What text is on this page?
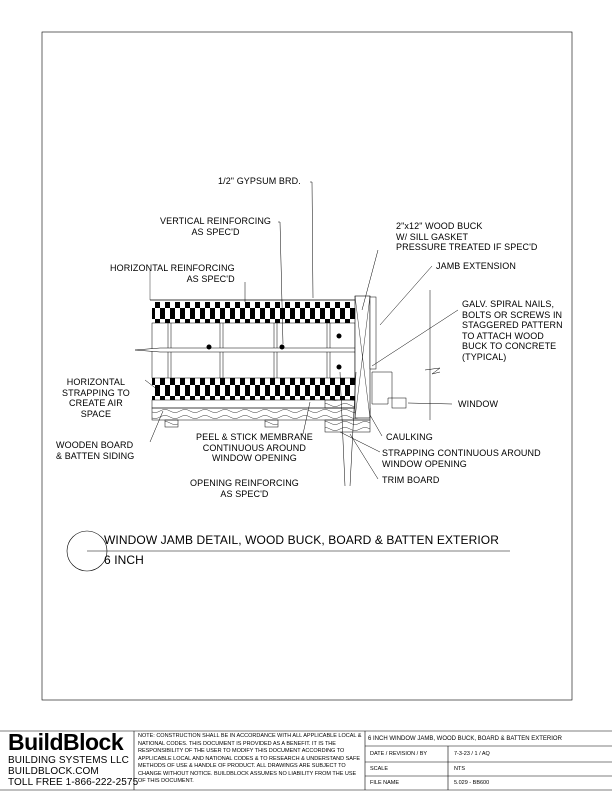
1/2" GYPSUM BRD.
VERTICAL REINFORCING
AS SPEC'D
HORIZONTAL REINFORCING
AS SPEC'D
2"x12" WOOD BUCK
W/ SILL GASKET
PRESSURE TREATED IF SPEC'D
JAMB EXTENSION
GALV. SPIRAL NAILS,
BOLTS OR SCREWS IN
STAGGERED PATTERN
TO ATTACH WOOD
BUCK TO CONCRETE
(TYPICAL)
HORIZONTAL
STRAPPING TO
CREATE AIR
SPACE
WINDOW
WOODEN BOARD
& BATTEN SIDING
PEEL & STICK MEMBRANE
CONTINUOUS AROUND
WINDOW OPENING
CAULKING
STRAPPING CONTINUOUS AROUND
WINDOW OPENING
TRIM BOARD
OPENING REINFORCING
AS SPEC'D
WINDOW JAMB DETAIL, WOOD BUCK, BOARD & BATTEN EXTERIOR
6 INCH
BuildBlock
BUILDING SYSTEMS LLC
BUILDBLOCK.COM
TOLL FREE 1-866-222-2575
NOTE: CONSTRUCTION SHALL BE IN ACCORDANCE WITH ALL APPLICABLE LOCAL & NATIONAL CODES. THIS DOCUMENT IS PROVIDED AS A BENEFIT. IT IS THE RESPONSIBILITY OF THE USER TO MODIFY THIS DOCUMENT ACCORDING TO APPLICABLE LOCAL AND NATIONAL CODES & TO RESEARCH & UNDERSTAND SAFE METHODS OF USE & HANDLE OF PRODUCT. ALL DRAWINGS ARE SUBJECT TO CHANGE WITHOUT NOTICE. BUILDBLOCK ASSUMES NO LIABILITY FROM THE USE OF THIS DOCUMENT.
6 INCH WINDOW JAMB, WOOD BUCK, BOARD & BATTEN EXTERIOR
DATE / REVISION / BY	7-3-23 / 1 / AQ
SCALE	NTS
FILE NAME	5.029 - BB600
